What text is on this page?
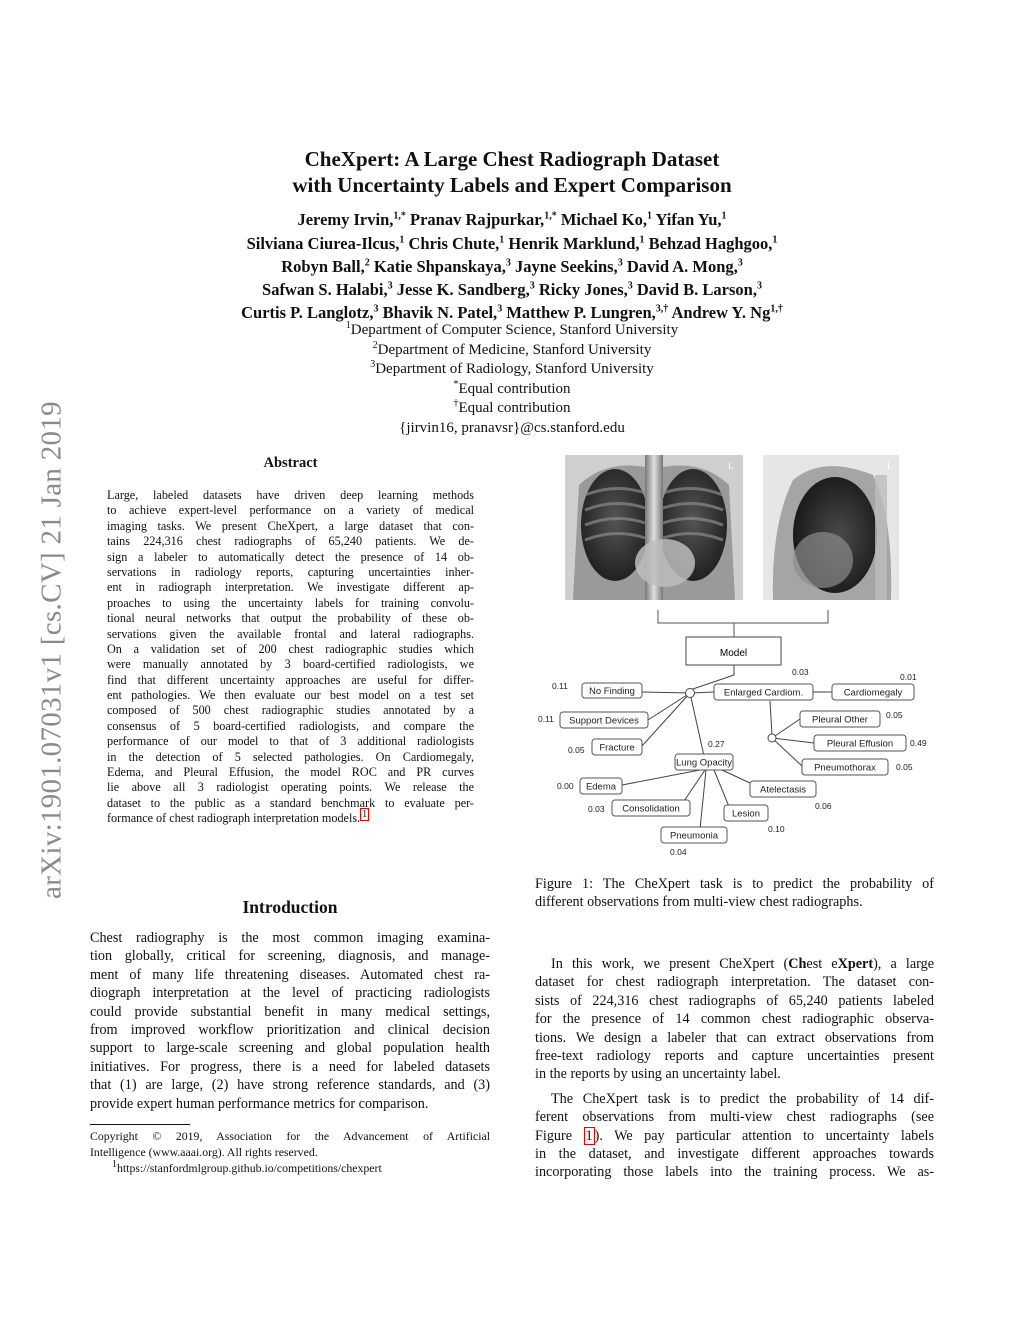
arXiv:1901.07031v1 [cs.CV] 21 Jan 2019
CheXpert: A Large Chest Radiograph Dataset
with Uncertainty Labels and Expert Comparison
Jeremy Irvin,$^{1,*}$ Pranav Rajpurkar,$^{1,*}$ Michael Ko,$^1$ Yifan Yu,$^1$
Silviana Ciurea-Ilcus,$^1$ Chris Chute,$^1$ Henrik Marklund,$^1$ Behzad Haghgoo,$^1$
Robyn Ball,$^2$ Katie Shpanskaya,$^3$ Jayne Seekins,$^3$ David A. Mong,$^3$
Safwan S. Halabi,$^3$ Jesse K. Sandberg,$^3$ Ricky Jones,$^3$ David B. Larson,$^3$
Curtis P. Langlotz,$^3$ Bhavik N. Patel,$^3$ Matthew P. Lungren,$^{3,\dagger}$ Andrew Y. $Ng^{1,\dagger}$
$^1$Department of Computer Science, Stanford University
$^2$Department of Medicine, Stanford University
$^3$Department of Radiology, Stanford University
*Equal contribution
†Equal contribution
{jirvin16, pranavsr}@cs.stanford.edu
Abstract
Large, labeled datasets have driven deep learning methods
to achieve expert-level performance on a variety of medical
imaging tasks. We present CheXpert, a large dataset that con-
tains 224,316 chest radiographs of 65,240 patients. We de-
sign a labeler to automatically detect the presence of 14 ob-
servations in radiology reports, capturing uncertainties inher-
ent in radiograph interpretation. We investigate different ap-
proaches to using the uncertainty labels for training convolu-
tional neural networks that output the probability of these ob-
servations given the available frontal and lateral radiographs.
On a validation set of 200 chest radiographic studies which
were manually annotated by 3 board-certified radiologists, we
find that different uncertainty approaches are useful for differ-
ent pathologies. We then evaluate our best model on a test set
composed of 500 chest radiographic studies annotated by a
consensus of 5 board-certified radiologists, and compare the
performance of our model to that of 3 additional radiologists
in the detection of 5 selected pathologies. On Cardiomegaly,
Edema, and Pleural Effusion, the model ROC and PR curves
lie above all 3 radiologist operating points. We release the
dataset to the public as a standard benchmark to evaluate per-
formance of chest radiograph interpretation models. $^1$
Introduction
Chest radiography is the most common imaging examina-
tion globally, critical for screening, diagnosis, and manage-
ment of many life threatening diseases. Automated chest ra-
diograph interpretation at the level of practicing radiologists
could provide substantial benefit in many medical settings,
from improved workflow prioritization and clinical decision
support to large-scale screening and global population health
initiatives. For progress, there is a need for labeled datasets
that (1) are large, (2) have strong reference standards, and (3)
provide expert human performance metrics for comparison.
Copyright © 2019, Association for the Advancement of Artificial
Intelligence (www.aaai.org). All rights reserved.
$^1$https://stanfordmlgroup.github.io/competitions/chexpert
L	L
Model
No Finding
0.11
Enlarged Cardiom.
0.03
Cardiomegaly
0.01
Support Devices
0.11	Pleural Other 0.05
Fracture
0.05
Lung Opacity
0.27	Pleural Effusion 0.49
Pneumothorax 0.05
Edema
0.00	Atelectasis
0.06
Consolidation
0.03	Lesion
0.10
Pneumonia
0.04
Figure 1: The CheXpert task is to predict the probability of
different observations from multi-view chest radiographs.
In this work, we present CheXpert (Chest eXpert), a large
dataset for chest radiograph interpretation. The dataset con-
sists of 224,316 chest radiographs of 65,240 patients labeled
for the presence of 14 common chest radiographic observa-
tions. We design a labeler that can extract observations from
free-text radiology reports and capture uncertainties present
in the reports by using an uncertainty label.
The CheXpert task is to predict the probability of 14 dif-
ferent observations from multi-view chest radiographs (see
Figure 1 ). We pay particular attention to uncertainty labels
in the dataset, and investigate different approaches towards
incorporating those labels into the training process. We as-
